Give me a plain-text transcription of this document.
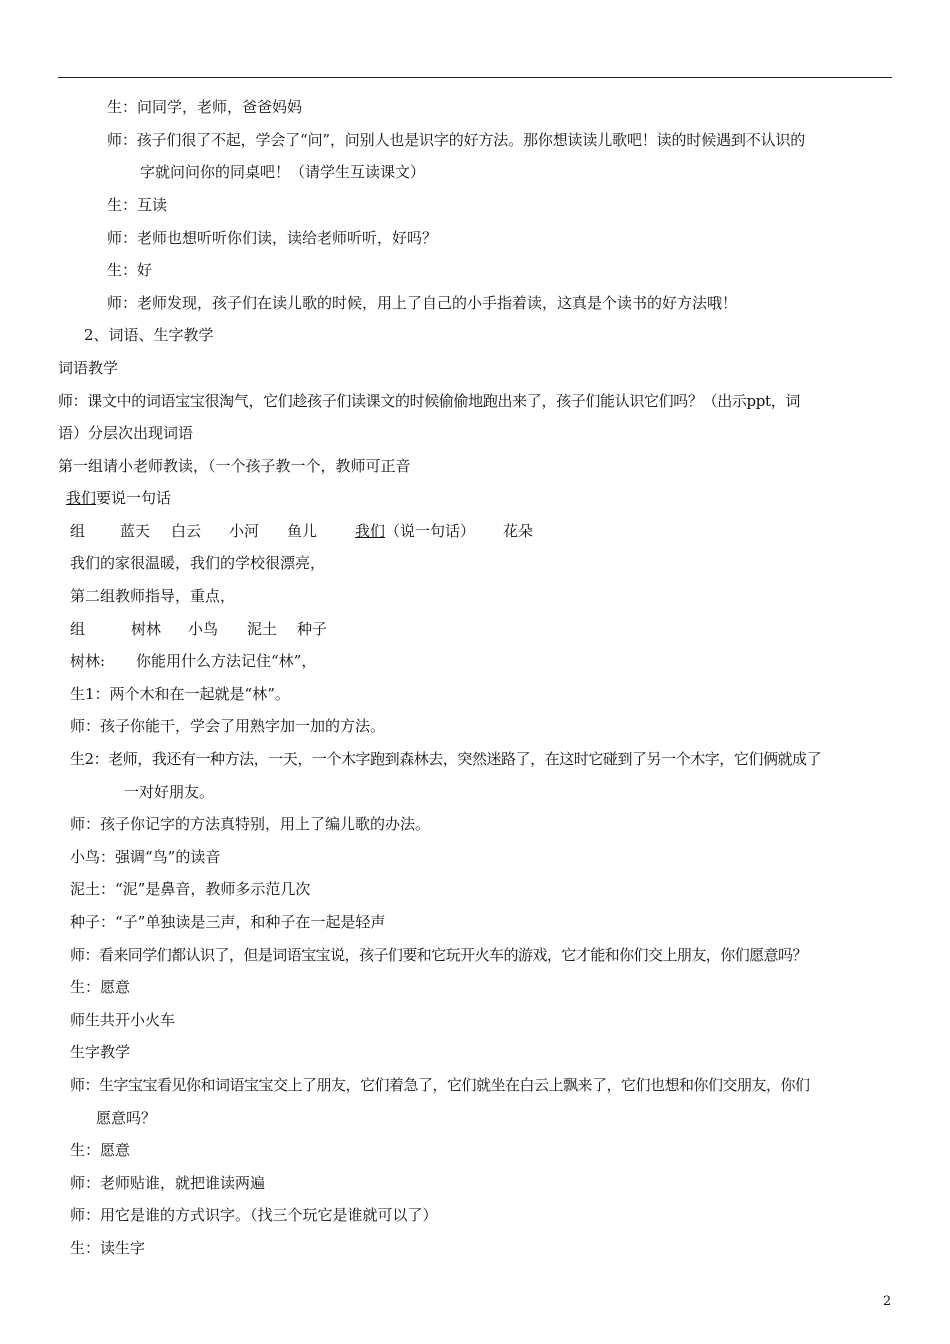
生：问同学，老师，爸爸妈妈
师：孩子们很了不起，学会了“问”，问别人也是识字的好方法。那你想读读儿歌吧！读的时候遇到不认识的
字就问问你的同桌吧！（请学生互读课文）
生：互读
师：老师也想听听你们读，读给老师听听，好吗？
生：好
师：老师发现，孩子们在读儿歌的时候，用上了自己的小手指着读，这真是个读书的好方法哦！
2、词语、生字教学
词语教学
师：课文中的词语宝宝很淘气，它们趁孩子们读课文的时候偷偷地跑出来了，孩子们能认识它们吗？（出示ppt，词
语）分层次出现词语
第一组请小老师教读，（一个孩子教一个，教师可正音
我们要说一句话
组 蓝天 白云 小河 鱼儿	我们（说一句话） 花朵
我们的家很温暖，我们的学校很漂亮，
第二组教师指导，重点，
组	树林 小鸟 泥土 种子
树林: 你能用什么方法记住“林”，
生1：两个木和在一起就是“林”。
师：孩子你能干，学会了用熟字加一加的方法。
生2：老师，我还有一种方法，一天，一个木字跑到森林去，突然迷路了，在这时它碰到了另一个木字，它们俩就成了
一对好朋友。
师：孩子你记字的方法真特别，用上了编儿歌的办法。
小鸟：强调“鸟”的读音
泥土：“泥”是鼻音，教师多示范几次
种子：“子”单独读是三声，和种子在一起是轻声
师：看来同学们都认识了，但是词语宝宝说，孩子们要和它玩开火车的游戏，它才能和你们交上朋友，你们愿意吗？
生：愿意
师生共开小火车
生字教学
师：生字宝宝看见你和词语宝宝交上了朋友，它们着急了，它们就坐在白云上飘来了，它们也想和你们交朋友，你们
愿意吗？
生：愿意
师：老师贴谁，就把谁读两遍
师：用它是谁的方式识字。（找三个玩它是谁就可以了）
生：读生字
2
